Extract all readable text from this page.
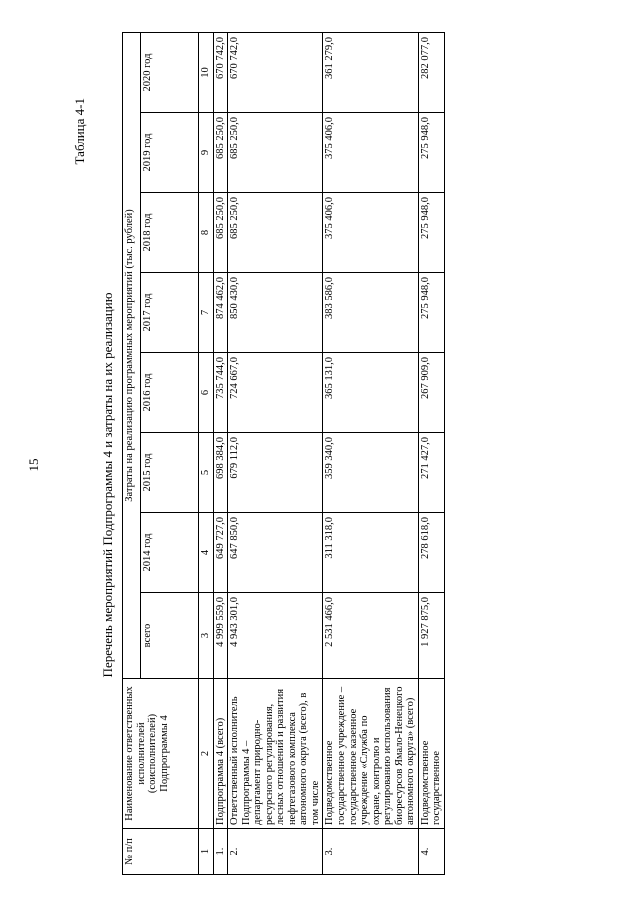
15
Таблица 4-1
Перечень мероприятий Подпрограммы 4 и затраты на их реализацию
№ п/п	Наименование ответственных исполнителей (соисполнителей) Подпрограммы 4	Затраты на реализацию программных мероприятий (тыс. рублей)							
		всего	2014 год	2015 год	2016 год	2017 год	2018 год	2019 год	2020 год
1	2	3	4	5	6	7	8	9	10
1.	Подпрограмма 4 (всего)	4 999 559,0	649 727,0	698 384,0	735 744,0	874 462,0	685 250,0	685 250,0	670 742,0
2.	Ответственный исполнитель Подпрограммы 4 – департамент природно-ресурсного регулирования, лесных отношений и развития нефтегазового комплекса автономного округа (всего), в том числе	4 943 301,0	647 850,0	679 112,0	724 667,0	850 430,0	685 250,0	685 250,0	670 742,0
3.	Подведомственное государственное учреждение – государственное казенное учреждение «Служба по охране, контролю и регулированию использования биоресурсов Ямало-Ненецкого автономного округа» (всего)	2 531 466,0	311 318,0	359 340,0	365 131,0	383 586,0	375 406,0	375 406,0	361 279,0
4.	Подведомственное государственное	1 927 875,0	278 618,0	271 427,0	267 909,0	275 948,0	275 948,0	275 948,0	282 077,0
